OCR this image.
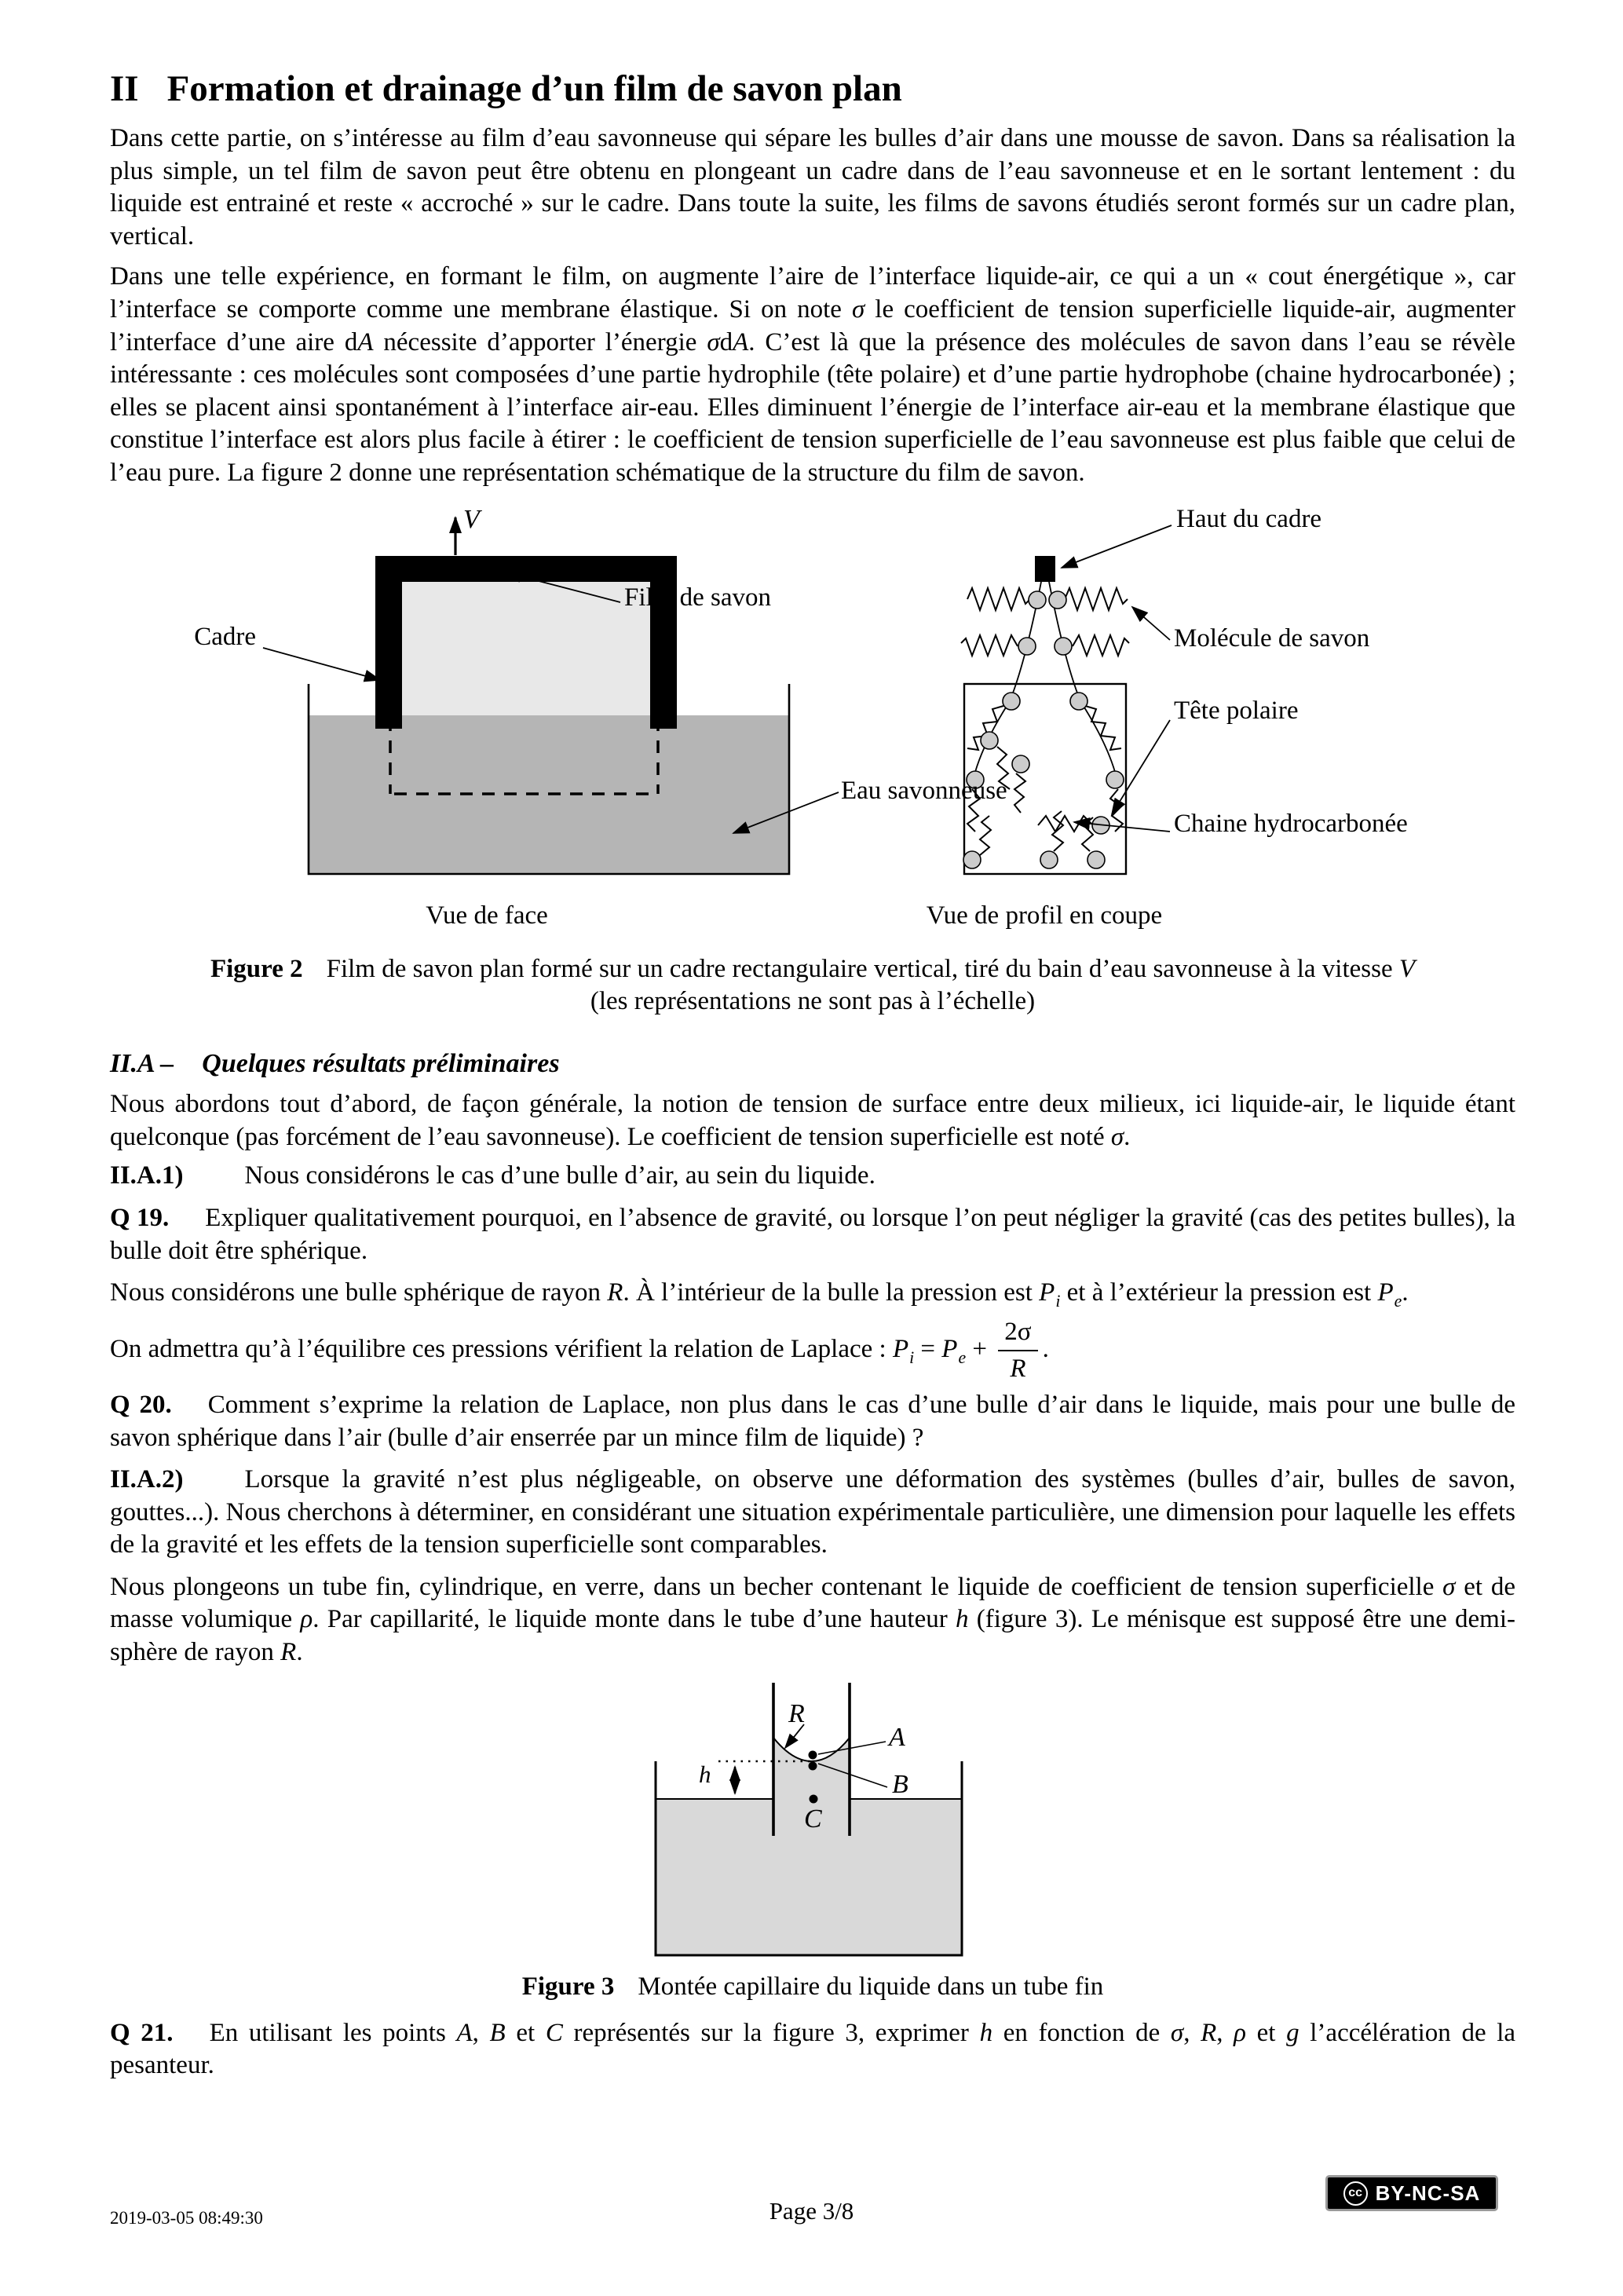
II Formation et drainage d’un film de savon plan

Dans cette partie, on s’intéresse au film d’eau savonneuse qui sépare les bulles d’air dans une mousse de savon. Dans sa réalisation la plus simple, un tel film de savon peut être obtenu en plongeant un cadre dans de l’eau savonneuse et en le sortant lentement : du liquide est entrainé et reste « accroché » sur le cadre. Dans toute la suite, les films de savons étudiés seront formés sur un cadre plan, vertical.

Dans une telle expérience, en formant le film, on augmente l’aire de l’interface liquide-air, ce qui a un « cout énergétique », car l’interface se comporte comme une membrane élastique. Si on note σ le coefficient de tension superficielle liquide-air, augmenter l’interface d’une aire dA nécessite d’apporter l’énergie σdA. C’est là que la présence des molécules de savon dans l’eau se révèle intéressante : ces molécules sont composées d’une partie hydrophile (tête polaire) et d’une partie hydrophobe (chaine hydrocarbonée) ; elles se placent ainsi spontanément à l’interface air-eau. Elles diminuent l’énergie de l’interface air-eau et la membrane élastique que constitue l’interface est alors plus facile à étirer : le coefficient de tension superficielle de l’eau savonneuse est plus faible que celui de l’eau pure. La figure 2 donne une représentation schématique de la structure du film de savon.

V
Cadre
Film de savon
Eau savonneuse
Vue de face
Haut du cadre
Molécule de savon
Tête polaire
Chaine hydrocarbonée
Vue de profil en coupe

Figure 2 Film de savon plan formé sur un cadre rectangulaire vertical, tiré du bain d’eau savonneuse à la vitesse V (les représentations ne sont pas à l’échelle)

II.A – Quelques résultats préliminaires

Nous abordons tout d’abord, de façon générale, la notion de tension de surface entre deux milieux, ici liquide-air, le liquide étant quelconque (pas forcément de l’eau savonneuse). Le coefficient de tension superficielle est noté σ.

II.A.1) Nous considérons le cas d’une bulle d’air, au sein du liquide.

Q 19. Expliquer qualitativement pourquoi, en l’absence de gravité, ou lorsque l’on peut négliger la gravité (cas des petites bulles), la bulle doit être sphérique.

Nous considérons une bulle sphérique de rayon R. À l’intérieur de la bulle la pression est $P_i$ et à l’extérieur la pression est $P_e$.

On admettra qu’à l’équilibre ces pressions vérifient la relation de Laplace : $P_i = P_e + \frac{2\sigma}{R}$ .

Q 20. Comment s’exprime la relation de Laplace, non plus dans le cas d’une bulle d’air dans le liquide, mais pour une bulle de savon sphérique dans l’air (bulle d’air enserrée par un mince film de liquide) ?

II.A.2) Lorsque la gravité n’est plus négligeable, on observe une déformation des systèmes (bulles d’air, bulles de savon, gouttes...). Nous cherchons à déterminer, en considérant une situation expérimentale particulière, une dimension pour laquelle les effets de la gravité et les effets de la tension superficielle sont comparables.

Nous plongeons un tube fin, cylindrique, en verre, dans un becher contenant le liquide de coefficient de tension superficielle σ et de masse volumique ρ. Par capillarité, le liquide monte dans le tube d’une hauteur h (figure 3). Le ménisque est supposé être une demi-sphère de rayon R.

R
A
B
C
h

Figure 3 Montée capillaire du liquide dans un tube fin

Q 21. En utilisant les points A, B et C représentés sur la figure 3, exprimer h en fonction de σ, R, ρ et g l’accélération de la pesanteur.

2019-03-05 08:49:30	Page 3/8
cc BY-NC-SA
